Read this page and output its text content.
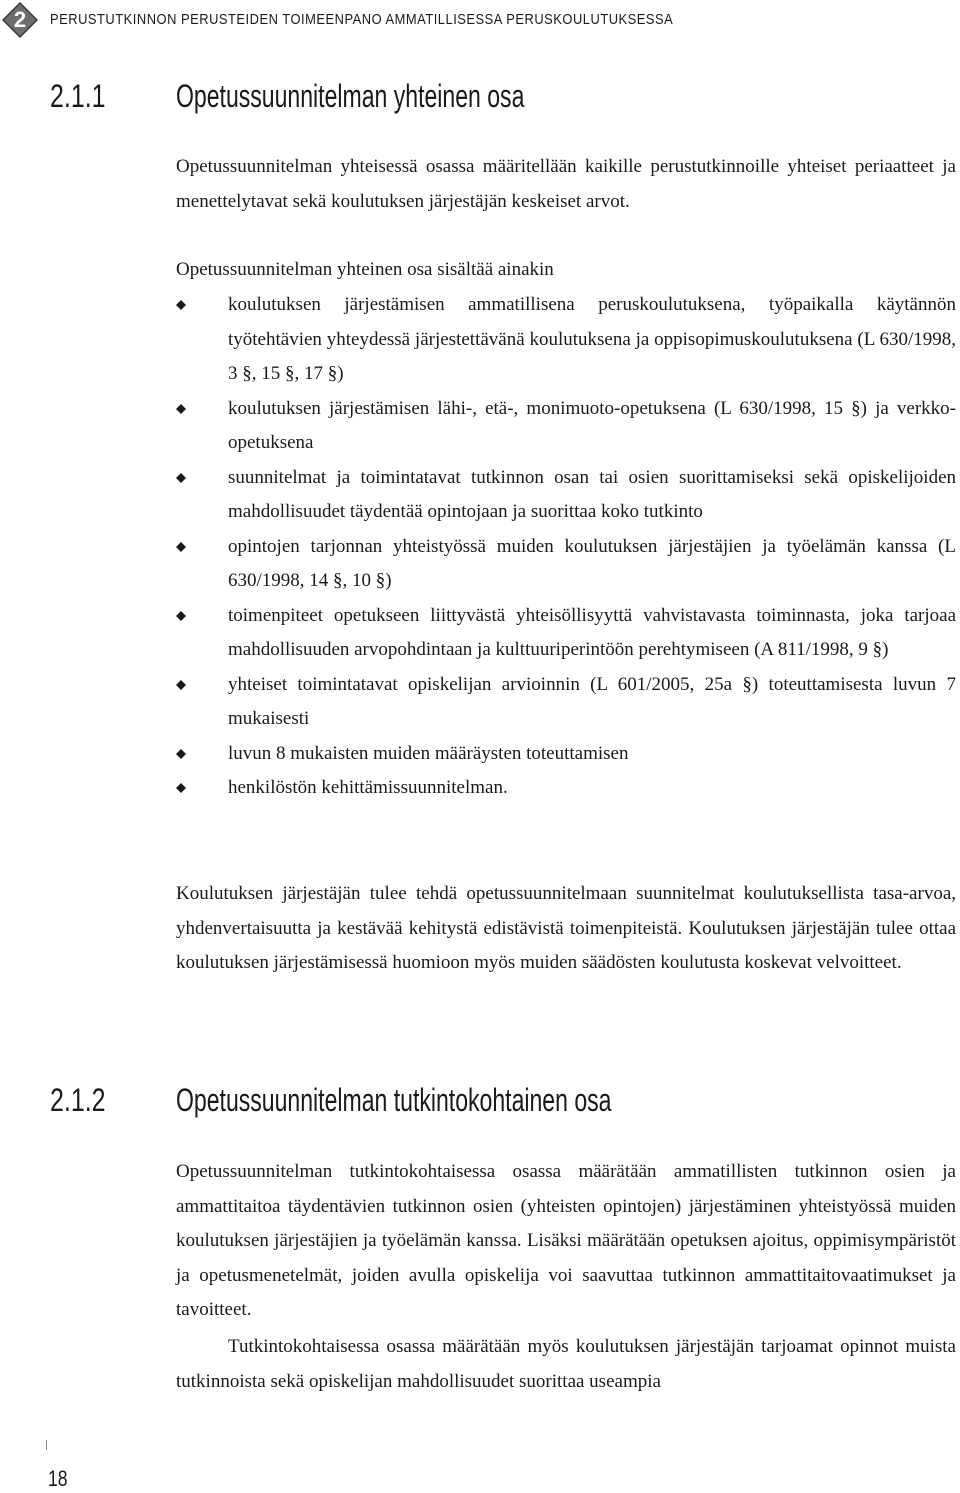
2	PERUSTUTKINNON PERUSTEIDEN TOIMEENPANO AMMATILLISESSA PERUSKOULUTUKSESSA
2.1.1 Opetussuunnitelman yhteinen osa

Opetussuunnitelman yhteisessä osassa määritellään kaikille perustutkinnoille yhteiset periaatteet ja menettelytavat sekä koulutuksen järjestäjän keskeiset arvot.

Opetussuunnitelman yhteinen osa sisältää ainakin

koulutuksen järjestämisen ammatillisena peruskoulutuksena, työpaikalla käytännön työtehtävien yhteydessä järjestettävänä koulutuksena ja oppisopimuskoulutuksena (L 630/1998, 3 §, 15 §, 17 §)
koulutuksen järjestämisen lähi-, etä-, monimuoto-opetuksena (L 630/1998, 15 §) ja verkko-opetuksena
suunnitelmat ja toimintatavat tutkinnon osan tai osien suorittamiseksi sekä opiskelijoiden mahdollisuudet täydentää opintojaan ja suorittaa koko tutkinto
opintojen tarjonnan yhteistyössä muiden koulutuksen järjestäjien ja työelämän kanssa (L 630/1998, 14 §, 10 §)
toimenpiteet opetukseen liittyvästä yhteisöllisyyttä vahvistavasta toiminnasta, joka tarjoaa mahdollisuuden arvopohdintaan ja kulttuuriperintöön perehtymiseen (A 811/1998, 9 §)
yhteiset toimintatavat opiskelijan arvioinnin (L 601/2005, 25a §) toteuttamisesta luvun 7 mukaisesti
luvun 8 mukaisten muiden määräysten toteuttamisen
henkilöstön kehittämissuunnitelman.

Koulutuksen järjestäjän tulee tehdä opetussuunnitelmaan suunnitelmat koulutuksellista tasa-arvoa, yhdenvertaisuutta ja kestävää kehitystä edistävistä toimenpiteistä. Koulutuksen järjestäjän tulee ottaa koulutuksen järjestämisessä huomioon myös muiden säädösten koulutusta koskevat velvoitteet.

2.1.2 Opetussuunnitelman tutkintokohtainen osa

Opetussuunnitelman tutkintokohtaisessa osassa määrätään ammatillisten tutkinnon osien ja ammattitaitoa täydentävien tutkinnon osien (yhteisten opintojen) järjestäminen yhteistyössä muiden koulutuksen järjestäjien ja työelämän kanssa. Lisäksi määrätään opetuksen ajoitus, oppimisympäristöt ja opetusmenetelmät, joiden avulla opiskelija voi saavuttaa tutkinnon ammattitaitovaatimukset ja tavoitteet.

Tutkintokohtaisessa osassa määrätään myös koulutuksen järjestäjän tarjoamat opinnot muista tutkinnoista sekä opiskelijan mahdollisuudet suorittaa useampia

18
